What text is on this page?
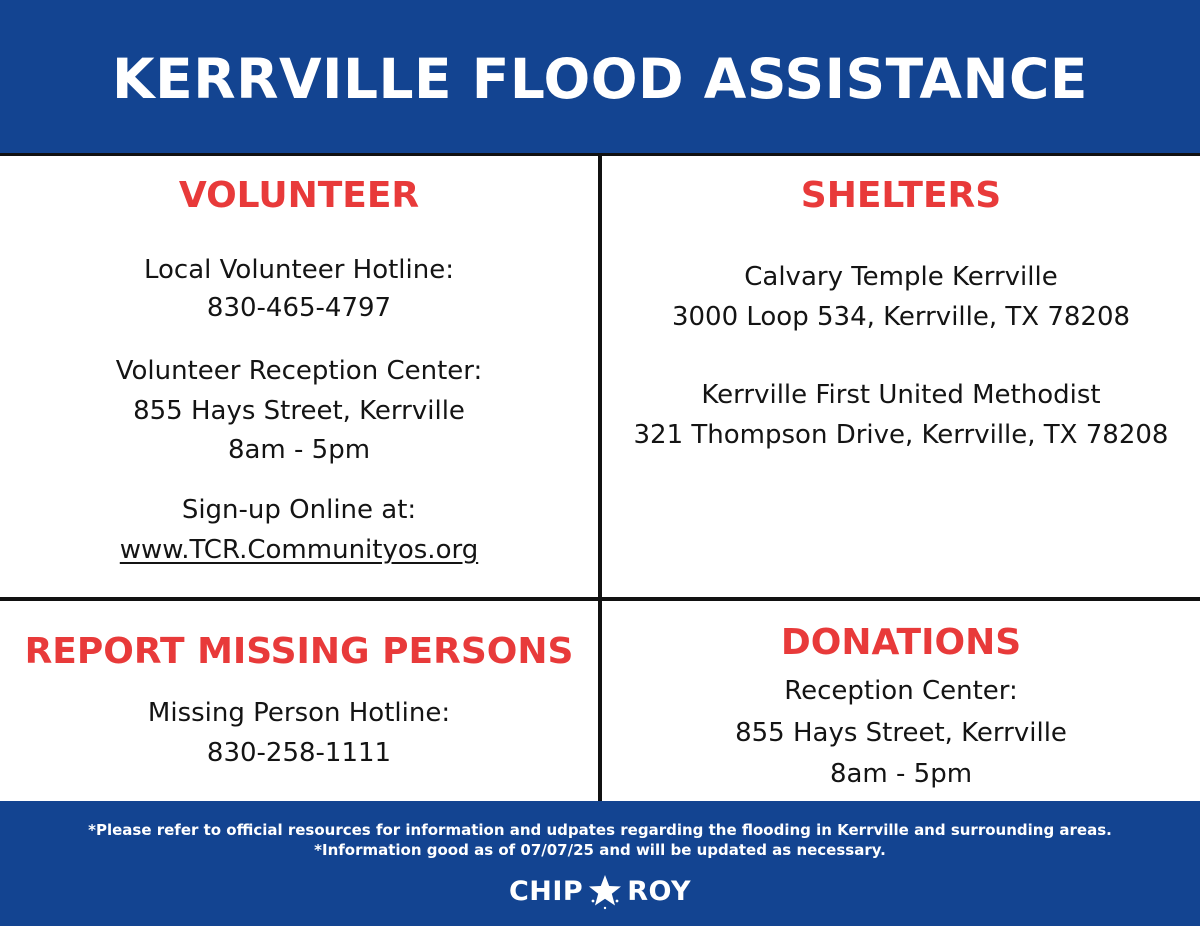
KERRVILLE FLOOD ASSISTANCE
VOLUNTEER
Local Volunteer Hotline:
830-465-4797
Volunteer Reception Center:
855 Hays Street, Kerrville
8am - 5pm
Sign-up Online at:
www.TCR.Communityos.org
SHELTERS
Calvary Temple Kerrville
3000 Loop 534, Kerrville, TX 78208
Kerrville First United Methodist
321 Thompson Drive, Kerrville, TX 78208
REPORT MISSING PERSONS
Missing Person Hotline:
830-258-1111
DONATIONS
Reception Center:
855 Hays Street, Kerrville
8am - 5pm
*Please refer to official resources for information and udpates regarding the flooding in Kerrville and surrounding areas.
*Information good as of 07/07/25 and will be updated as necessary.
CHIP ROY
